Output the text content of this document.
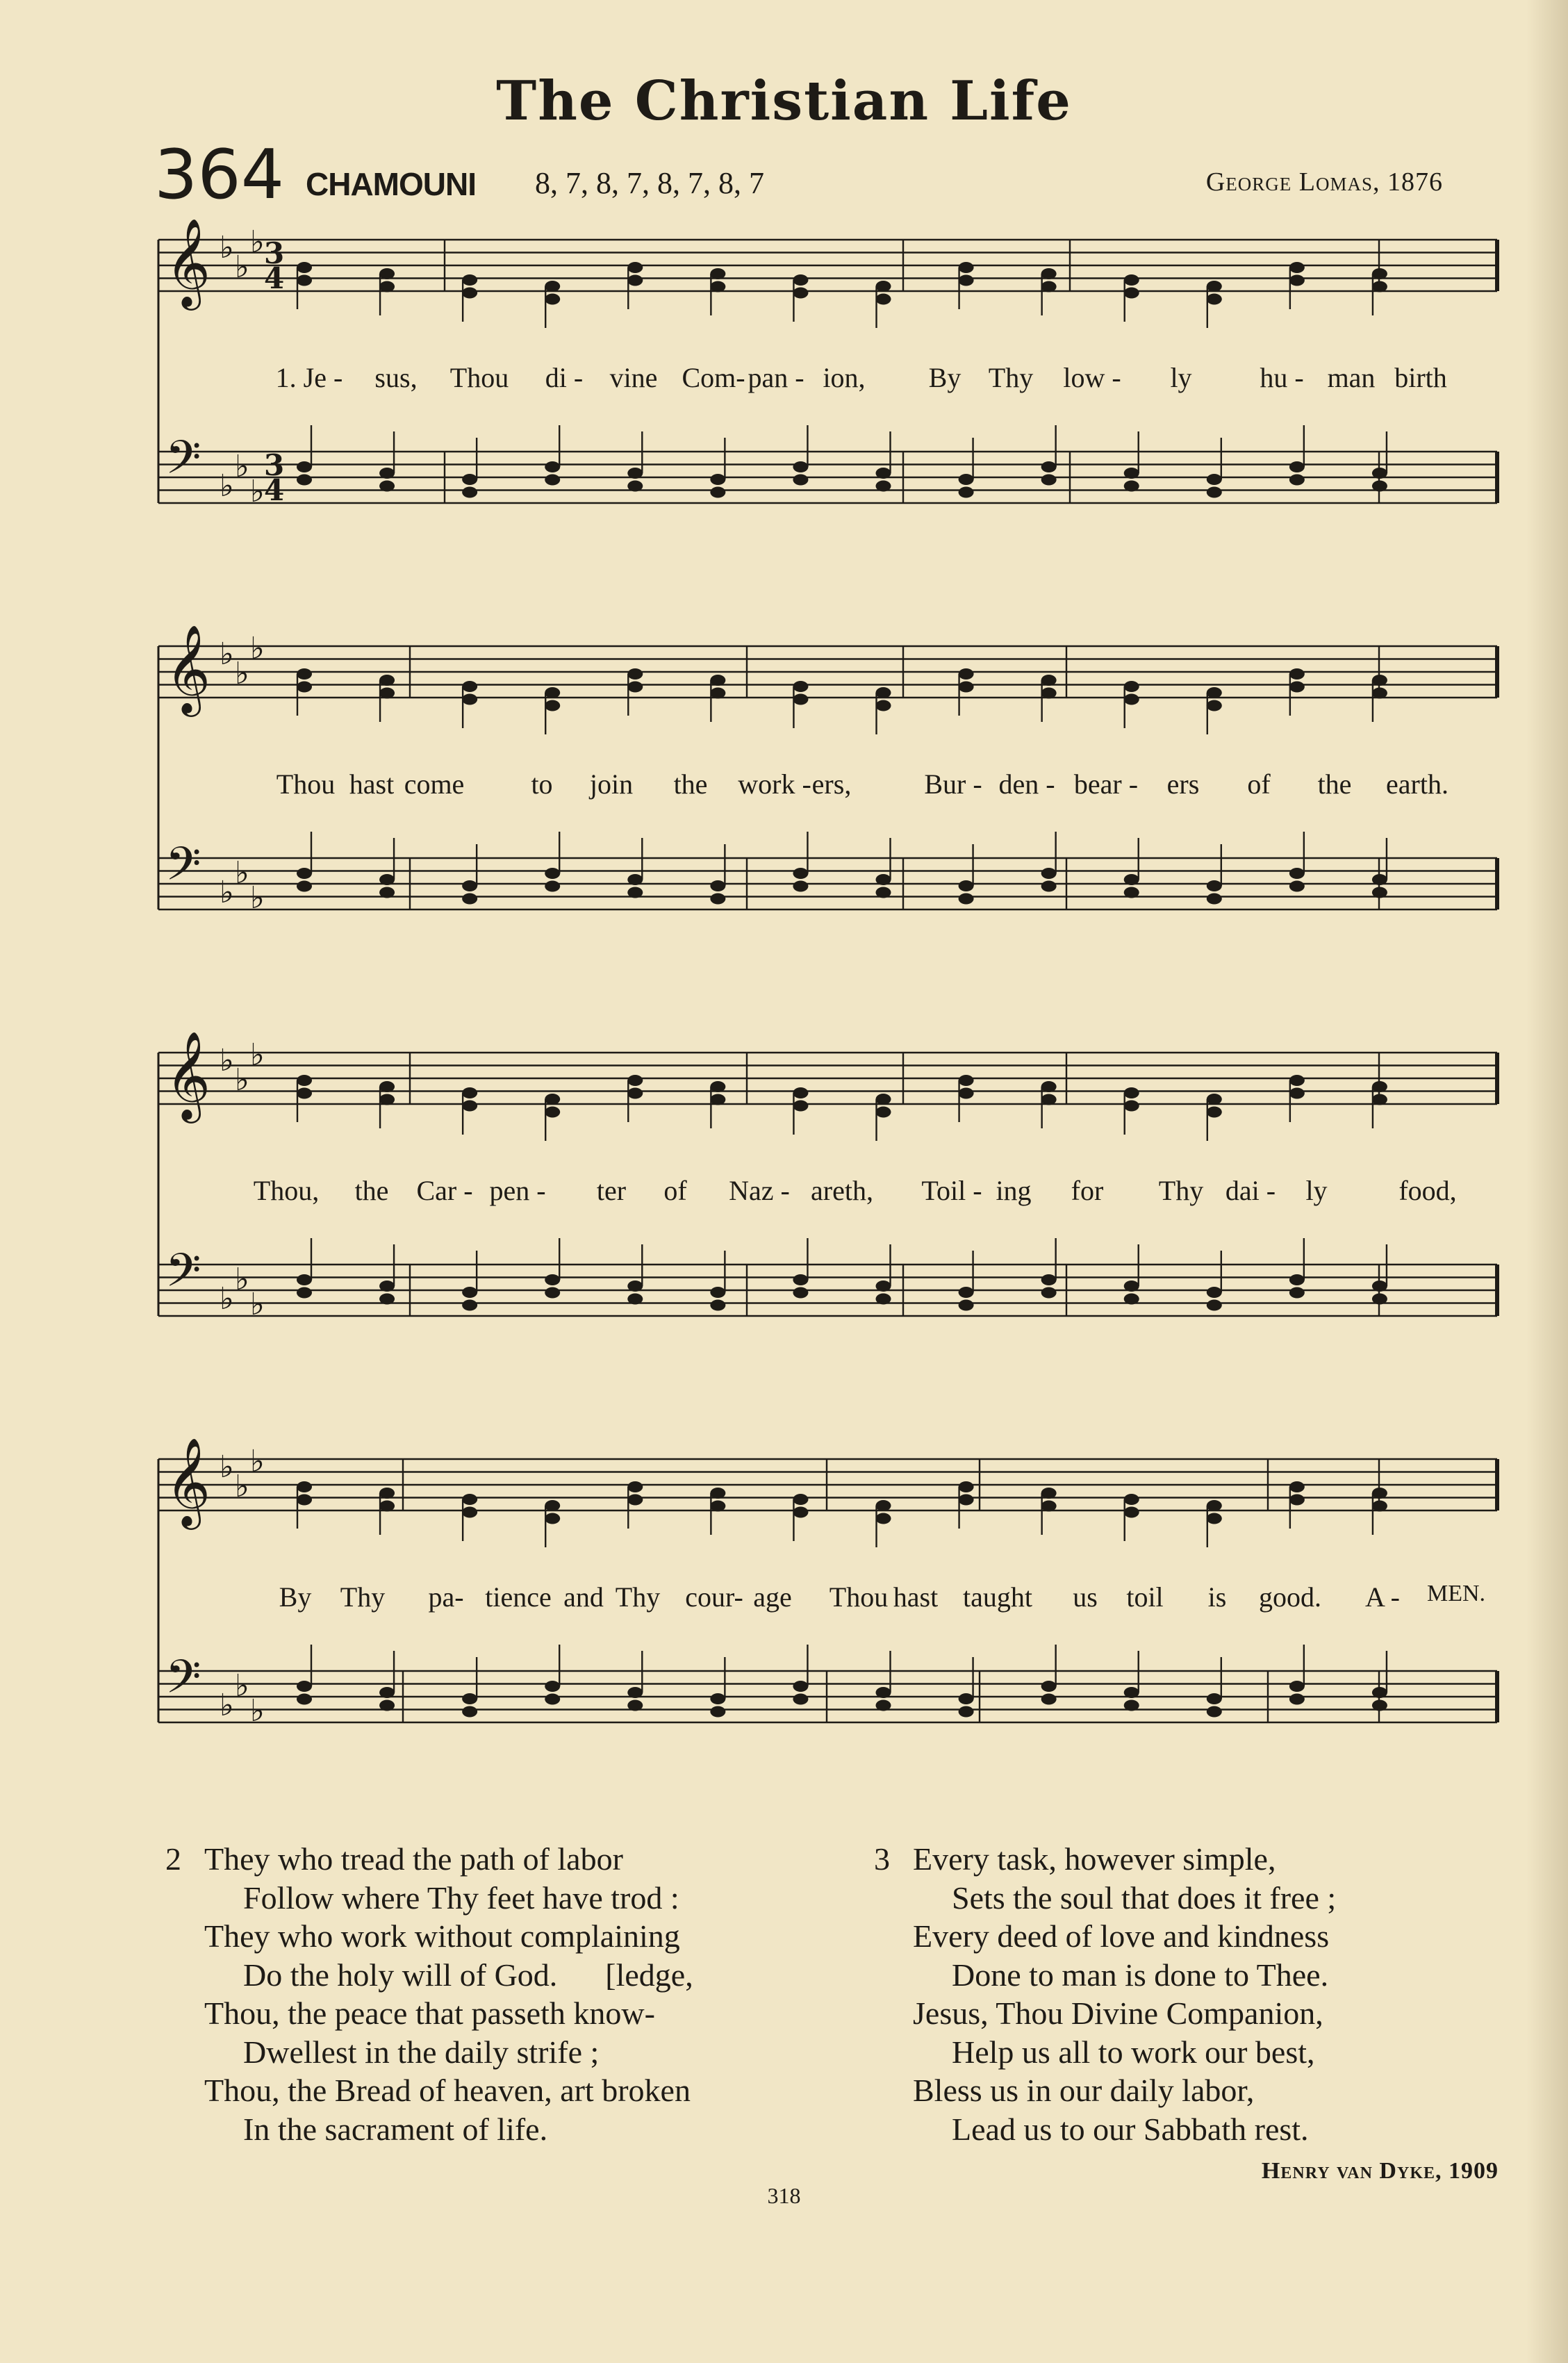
The Christian Life
364 CHAMOUNI 8, 7, 8, 7, 8, 7, 8, 7	George Lomas, 1876
𝄞 ♭
♭
♭
𝄢 ♭
♭
♭
𝄞 ♭
♭
♭
𝄢 ♭
♭
♭
𝄞 ♭
♭
♭
𝄢 ♭
♭
♭
𝄞 ♭
♭
♭
𝄢 ♭
♭
♭
3
4
3
4
1. Je - sus, Thou di - vine Com- pan - ion, By Thy low - ly hu - man birth
Thou hast come to join the work - ers,	Bur - den - bear - ers of the earth.
Thou, the Car - pen - ter of Naz - areth, Toil - ing for Thy dai - ly	food,
By Thy pa- tience and Thy cour- age Thou hast taught us toil is good. A - MEN.
2 They who tread the path of labor
Follow where Thy feet have trod :
They who work without complaining
Do the holy will of God.      [ledge,
Thou, the peace that passeth know-
Dwellest in the daily strife ;
Thou, the Bread of heaven, art broken
In the sacrament of life.
3 Every task, however simple,
Sets the soul that does it free ;
Every deed of love and kindness
Done to man is done to Thee.
Jesus, Thou Divine Companion,
Help us all to work our best,
Bless us in our daily labor,
Lead us to our Sabbath rest.
Henry van Dyke, 1909
318
